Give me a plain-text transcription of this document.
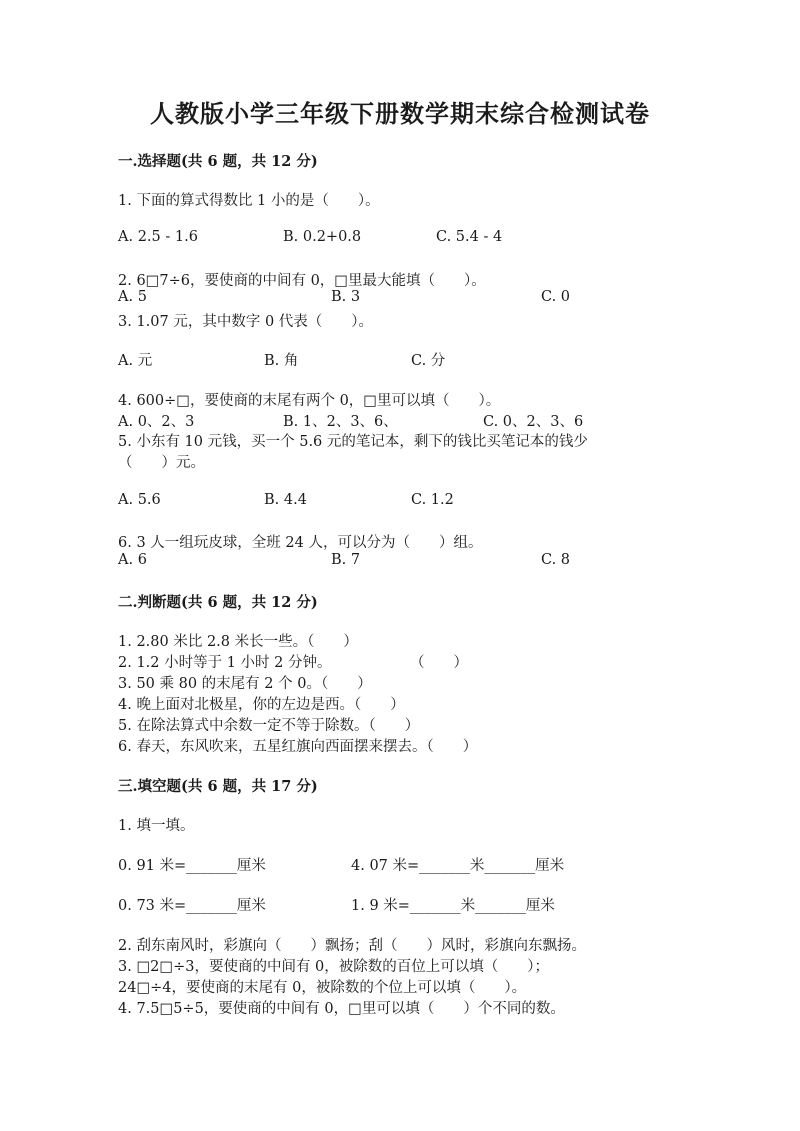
人教版小学三年级下册数学期末综合检测试卷
一.选择题(共 6 题，共 12 分)
1. 下面的算式得数比 1 小的是（　　）。
A. 2.5 - 1.6	B. 0.2+0.8	C. 5.4 - 4
2. 6□7÷6，要使商的中间有 0，□里最大能填（　　）。
A. 5	B. 3	C. 0
3. 1.07 元，其中数字 0 代表（　　）。
A. 元	B. 角	C. 分
4. 600÷□，要使商的末尾有两个 0，□里可以填（　　）。
A. 0、2、3	B. 1、2、3、6、	C. 0、2、3、6
5. 小东有 10 元钱，买一个 5.6 元的笔记本，剩下的钱比买笔记本的钱少
（　　）元。
A. 5.6	B. 4.4	C. 1.2
6. 3 人一组玩皮球，全班 24 人，可以分为（　　）组。
A. 6	B. 7	C. 8
二.判断题(共 6 题，共 12 分)
1. 2.80 米比 2.8 米长一些。（　　）
2. 1.2 小时等于 1 小时 2 分钟。	（　　）
3. 50 乘 80 的末尾有 2 个 0。（　　）
4. 晚上面对北极星，你的左边是西。（　　）
5. 在除法算式中余数一定不等于除数。（　　）
6. 春天，东风吹来，五星红旗向西面摆来摆去。（　　）
三.填空题(共 6 题，共 17 分)
1. 填一填。
0. 91 米=_______厘米	4. 07 米=_______米_______厘米
0. 73 米=_______厘米	1. 9 米=_______米_______厘米
2. 刮东南风时，彩旗向（　　）飘扬；刮（　　）风时，彩旗向东飘扬。
3. □2□÷3，要使商的中间有 0，被除数的百位上可以填（　　）；
24□÷4，要使商的末尾有 0，被除数的个位上可以填（　　）。
4. 7.5□5÷5，要使商的中间有 0，□里可以填（　　）个不同的数。
